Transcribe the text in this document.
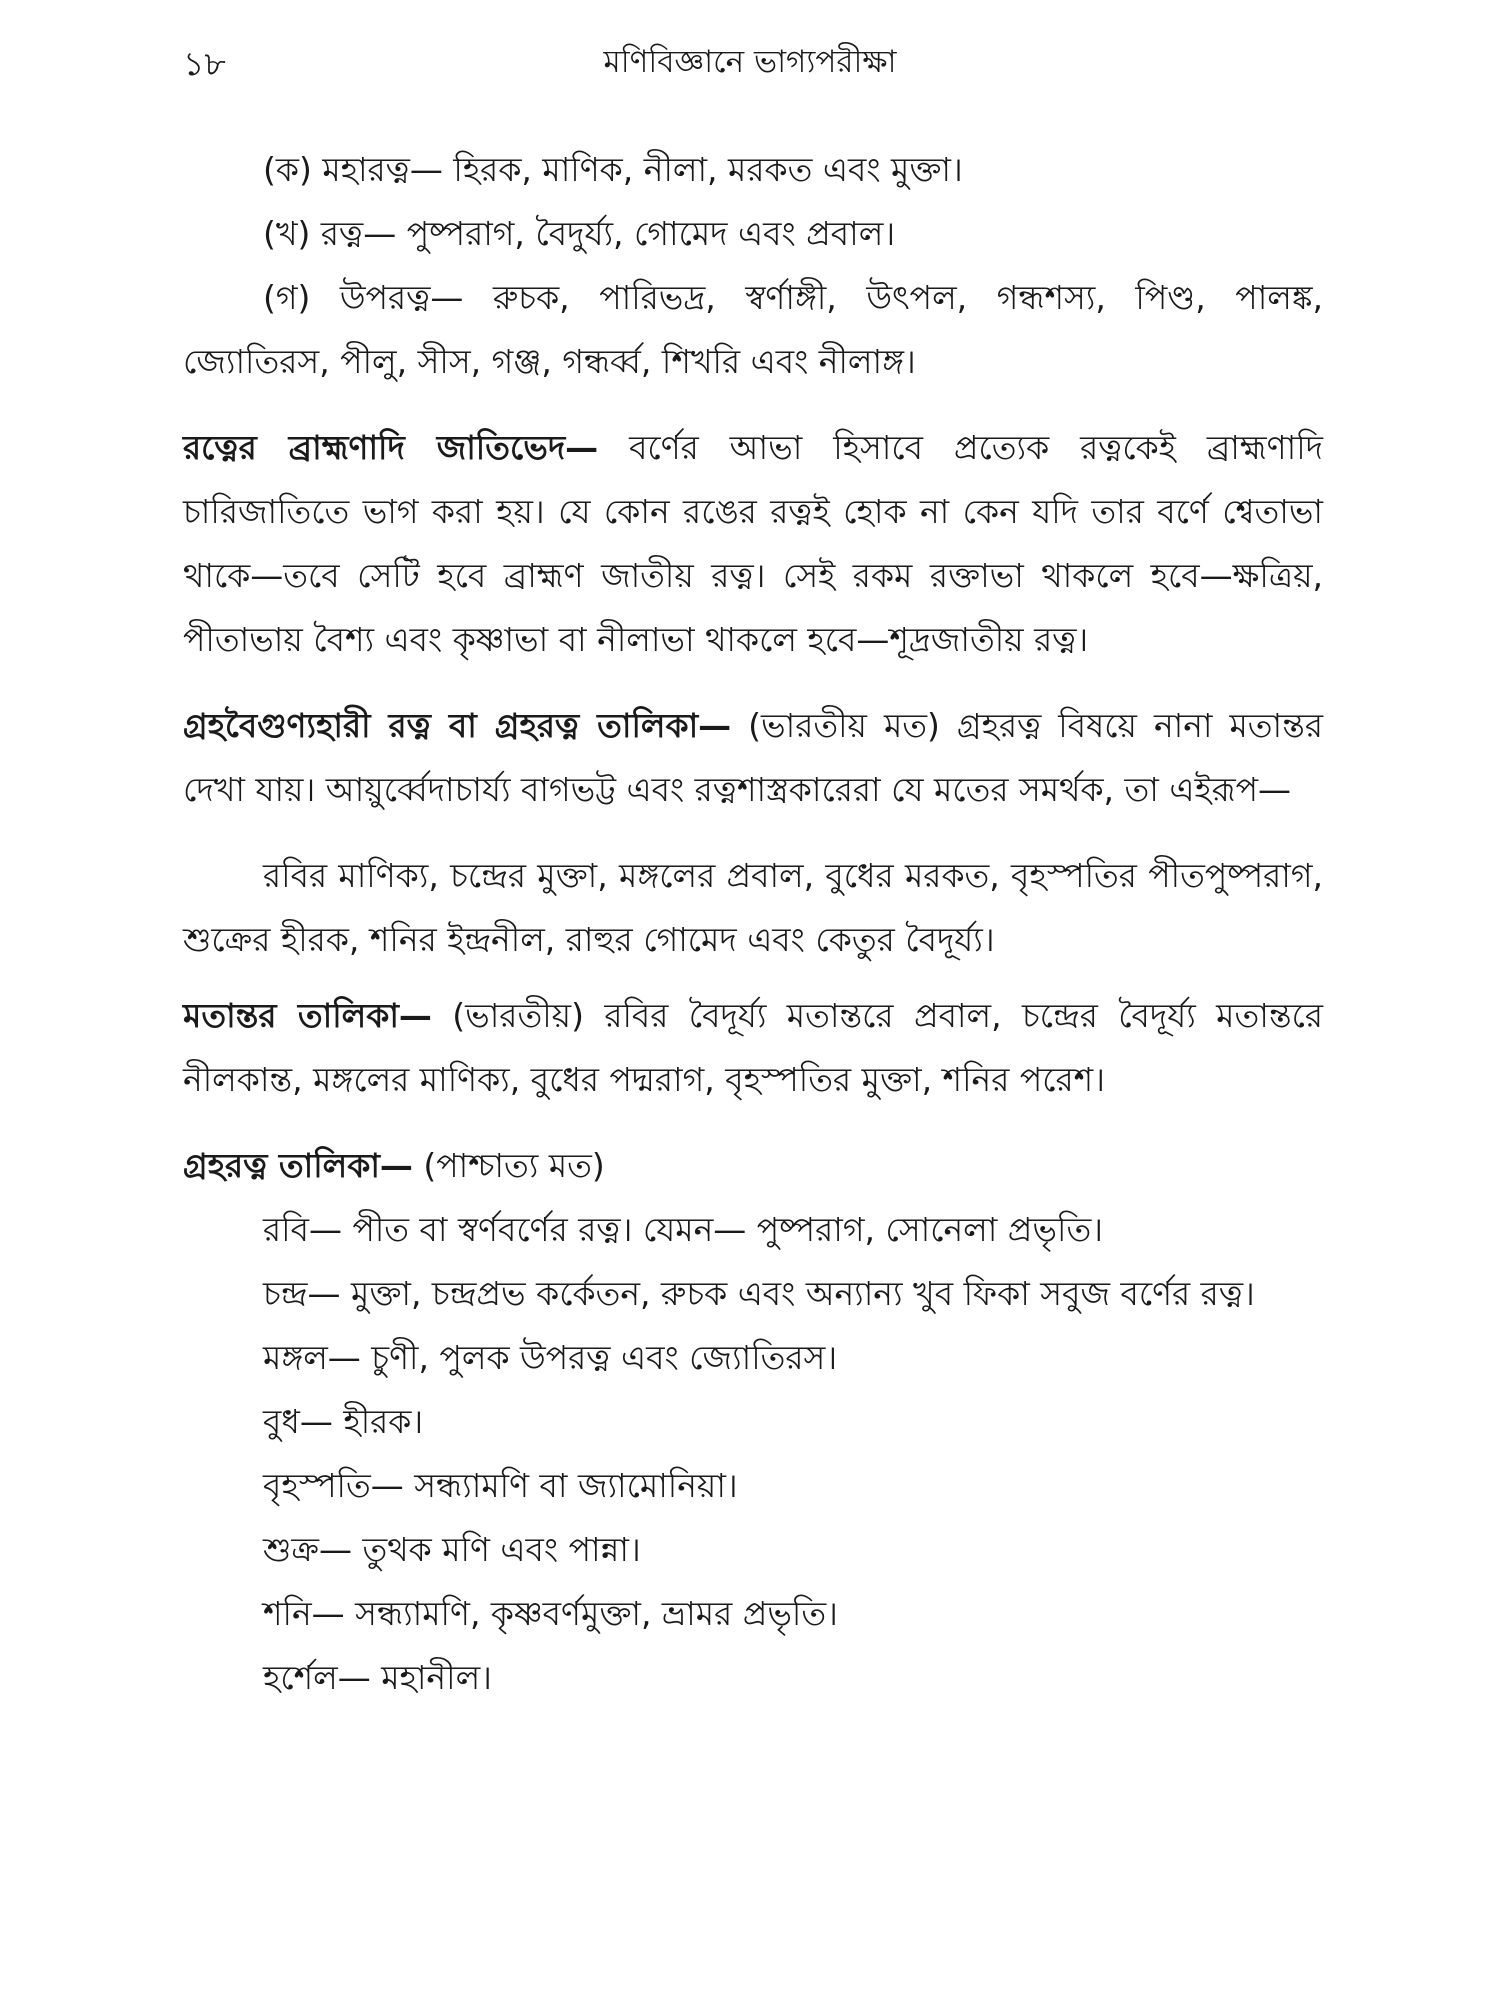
১৮	মণিবিজ্ঞানে ভাগ্যপরীক্ষা

(ক) মহারত্ন— হিরক, মাণিক, নীলা, মরকত এবং মুক্তা।

(খ) রত্ন— পুষ্পরাগ, বৈদুর্য্য, গোমেদ এবং প্রবাল।

(গ) উপরত্ন— রুচক, পারিভদ্র, স্বর্ণাঙ্গী, উৎপল, গন্ধশস্য, পিণ্ড, পালঙ্ক, জ্যোতিরস, পীলু, সীস, গঞ্জ, গন্ধর্ব্ব, শিখরি এবং নীলাঙ্গ।

রত্নের ব্রাহ্মণাদি জাতিভেদ— বর্ণের আভা হিসাবে প্রত্যেক রত্নকেই ব্রাহ্মণাদি চারিজাতিতে ভাগ করা হয়। যে কোন রঙের রত্নই হোক না কেন যদি তার বর্ণে শ্বেতাভা থাকে—তবে সেটি হবে ব্রাহ্মণ জাতীয় রত্ন। সেই রকম রক্তাভা থাকলে হবে—ক্ষত্রিয়, পীতাভায় বৈশ্য এবং কৃষ্ণাভা বা নীলাভা থাকলে হবে—শূদ্রজাতীয় রত্ন।

গ্রহবৈগুণ্যহারী রত্ন বা গ্রহরত্ন তালিকা— (ভারতীয় মত) গ্রহরত্ন বিষয়ে নানা মতান্তর দেখা যায়। আয়ুর্ব্বেদাচার্য্য বাগভট্ট এবং রত্নশাস্ত্রকারেরা যে মতের সমর্থক, তা এইরূপ—

রবির মাণিক্য, চন্দ্রের মুক্তা, মঙ্গলের প্রবাল, বুধের মরকত, বৃহস্পতির পীতপুষ্পরাগ, শুক্রের হীরক, শনির ইন্দ্রনীল, রাহুর গোমেদ এবং কেতুর বৈদূর্য্য।

মতান্তর তালিকা— (ভারতীয়) রবির বৈদূর্য্য মতান্তরে প্রবাল, চন্দ্রের বৈদূর্য্য মতান্তরে নীলকান্ত, মঙ্গলের মাণিক্য, বুধের পদ্মরাগ, বৃহস্পতির মুক্তা, শনির পরেশ।

গ্রহরত্ন তালিকা— (পাশ্চাত্য মত)

রবি— পীত বা স্বর্ণবর্ণের রত্ন। যেমন— পুষ্পরাগ, সোনেলা প্রভৃতি।

চন্দ্র— মুক্তা, চন্দ্রপ্রভ কর্কেতন, রুচক এবং অন্যান্য খুব ফিকা সবুজ বর্ণের রত্ন।

মঙ্গল— চুণী, পুলক উপরত্ন এবং জ্যোতিরস।

বুধ— হীরক।

বৃহস্পতি— সন্ধ্যামণি বা জ্যামোনিয়া।

শুক্র— তুথক মণি এবং পান্না।

শনি— সন্ধ্যামণি, কৃষ্ণবর্ণমুক্তা, ভ্রামর প্রভৃতি।

হর্শেল— মহানীল।
